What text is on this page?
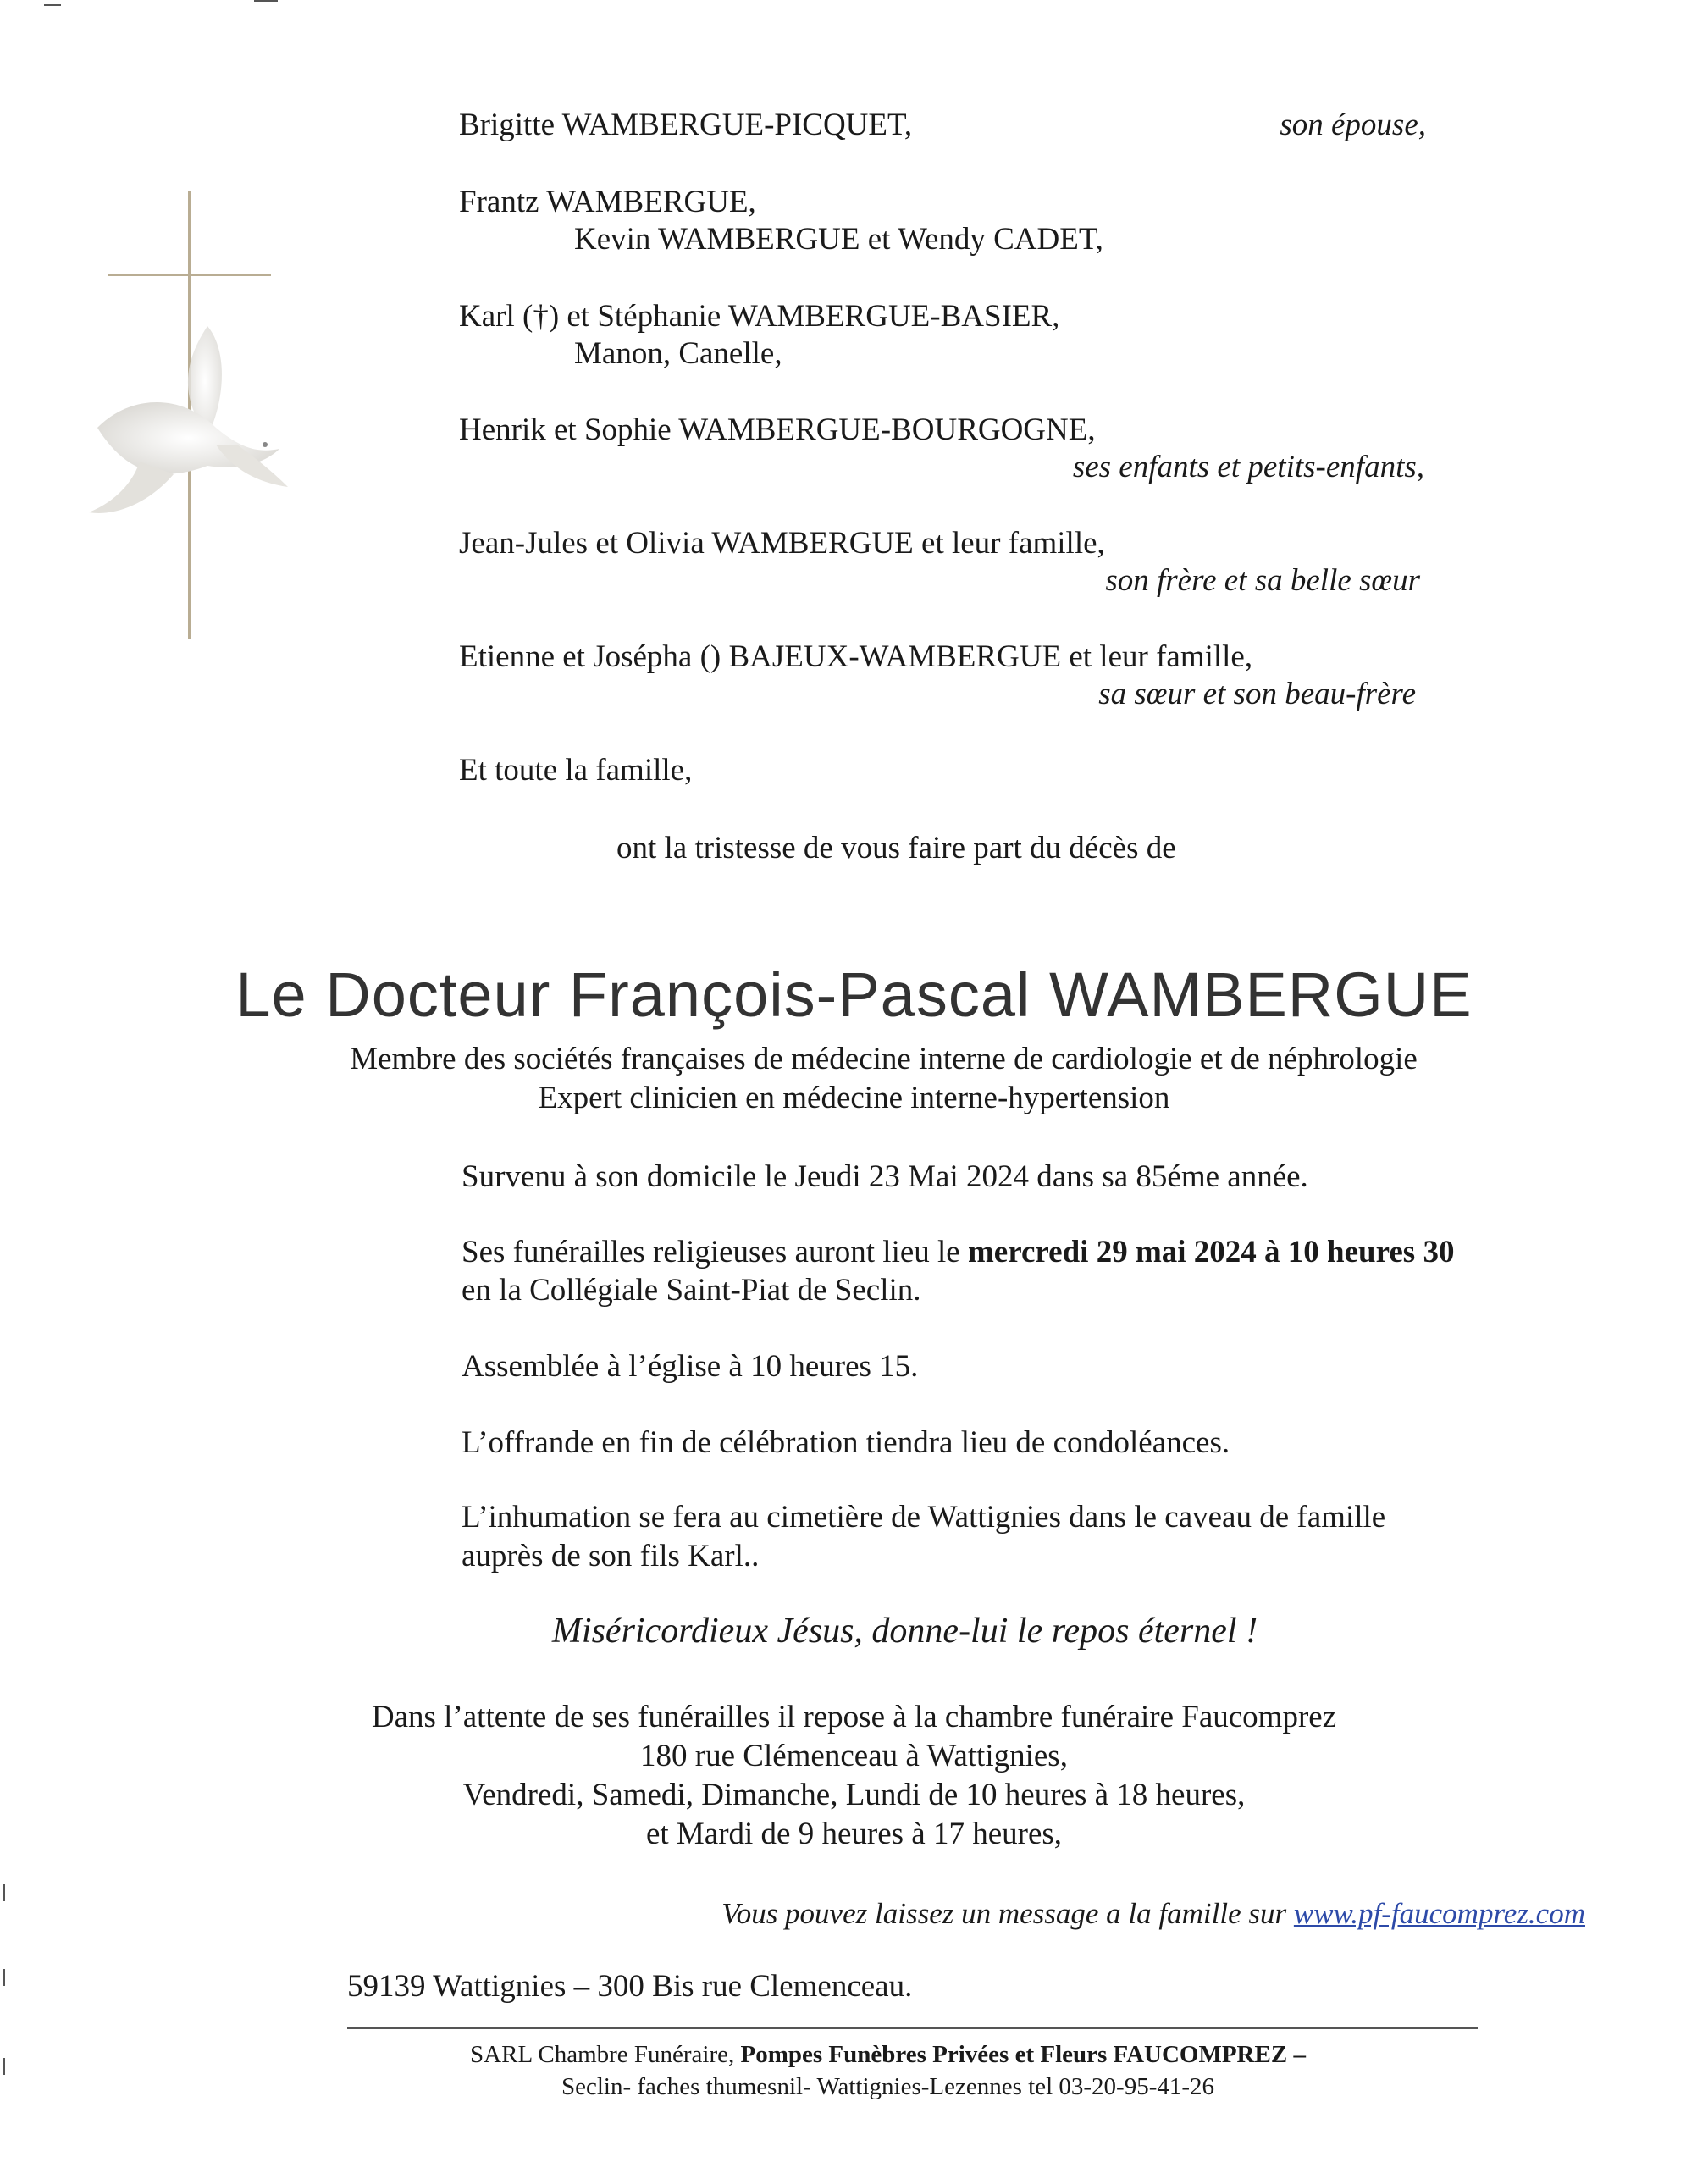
Brigitte WAMBERGUE-PICQUET,	son épouse,
Frantz WAMBERGUE,
Kevin WAMBERGUE et Wendy CADET,
Karl (†) et Stéphanie WAMBERGUE-BASIER,
Manon, Canelle,
Henrik et Sophie WAMBERGUE-BOURGOGNE,
ses enfants et petits-enfants,
Jean-Jules et Olivia WAMBERGUE et leur famille,
son frère et sa belle sœur
Etienne et Joséphа () BAJEUX-WAMBERGUE et leur famille,
sa sœur et son beau-frère
Et toute la famille,
ont la tristesse de vous faire part du décès de
Le Docteur François-Pascal WAMBERGUE
Membre des sociétés françaises de médecine interne de cardiologie et de néphrologie
Expert clinicien en médecine interne-hypertension
Survenu à son domicile le Jeudi 23 Mai 2024 dans sa 85éme année.
Ses funérailles religieuses auront lieu le mercredi 29 mai 2024 à 10 heures 30
en la Collégiale Saint-Piat de Seclin.
Assemblée à l’église à 10 heures 15.
L’offrande en fin de célébration tiendra lieu de condoléances.
L’inhumation se fera au cimetière de Wattignies dans le caveau de famille
auprès de son fils Karl..
Miséricordieux Jésus, donne-lui le repos éternel !
Dans l’attente de ses funérailles il repose à la chambre funéraire Faucomprez
180 rue Clémenceau à Wattignies,
Vendredi, Samedi, Dimanche, Lundi de 10 heures à 18 heures,
et Mardi de 9 heures à 17 heures,
Vous pouvez laissez un message a la famille sur www.pf-faucomprez.com
59139 Wattignies – 300 Bis rue Clemenceau.
SARL Chambre Funéraire, Pompes Funèbres Privées et Fleurs FAUCOMPREZ –
Seclin- faches thumesnil- Wattignies-Lezennes tel 03-20-95-41-26
